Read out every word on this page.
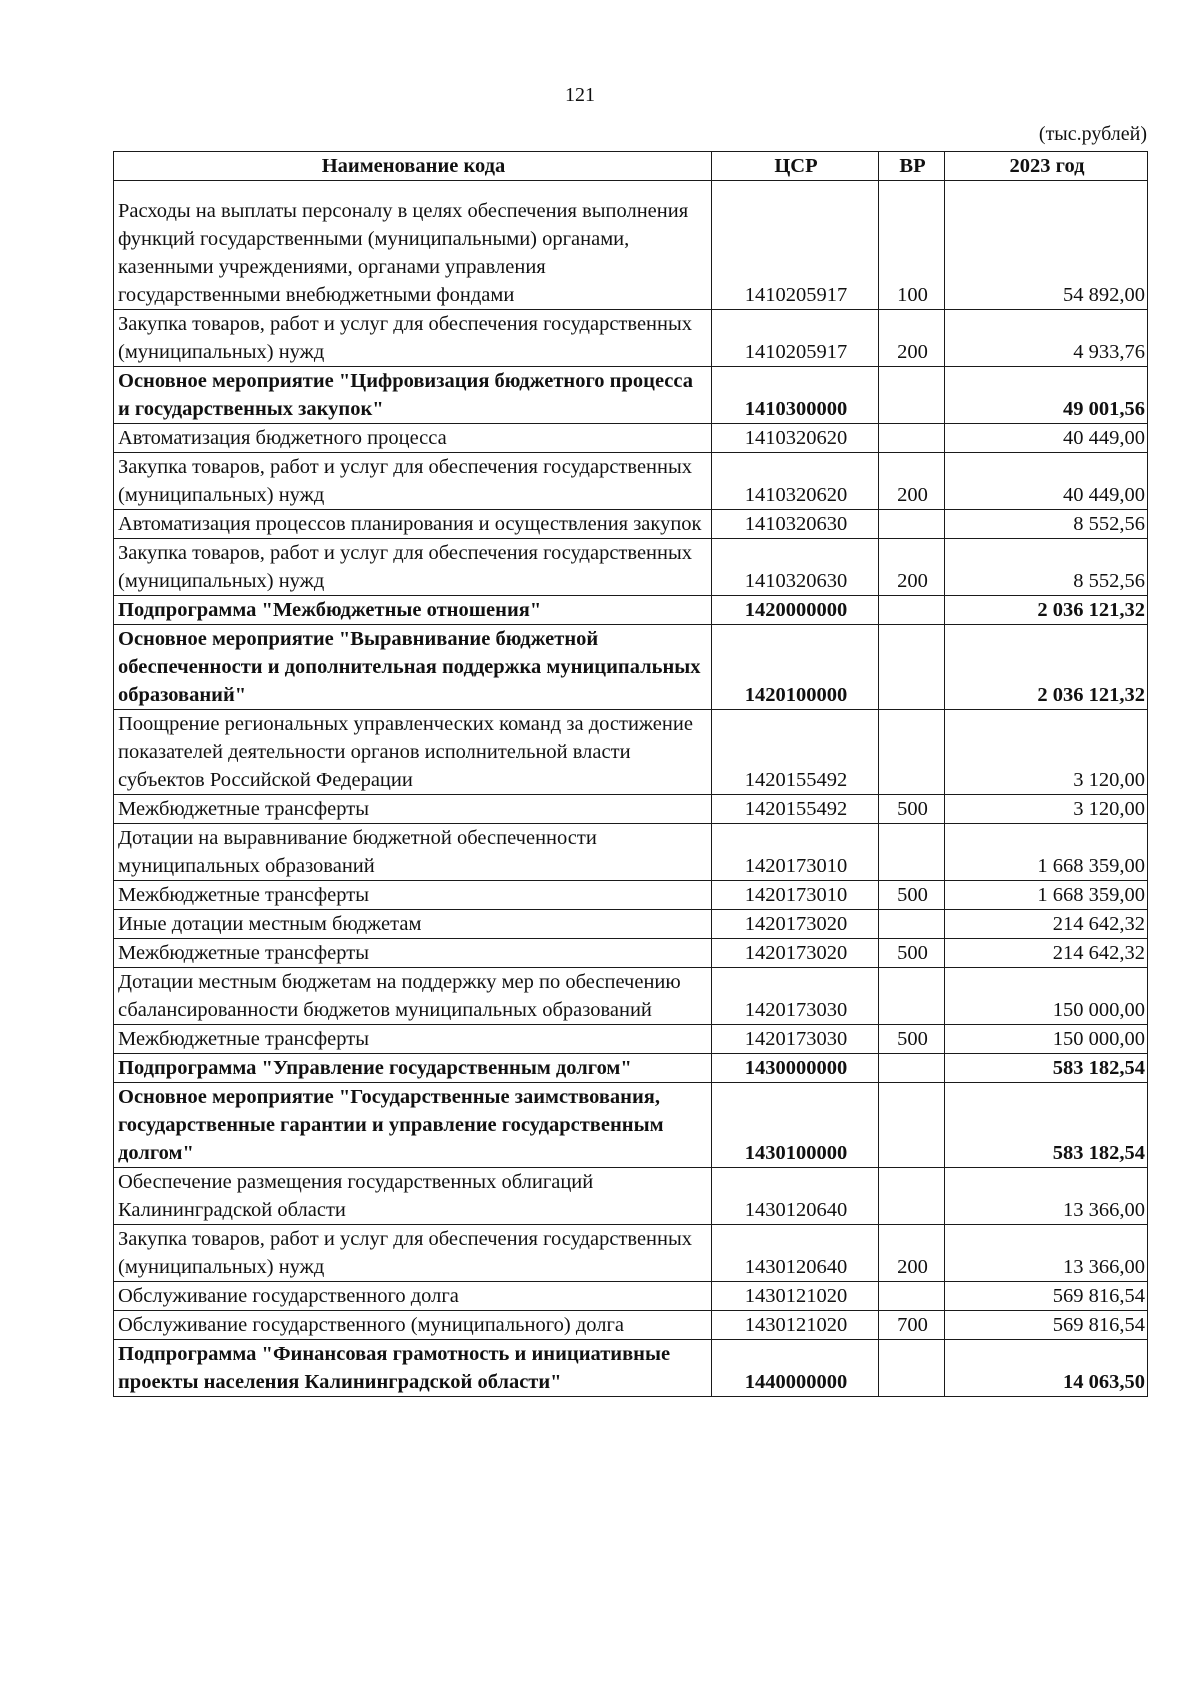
121
(тыс.рублей)
Наименование кода	ЦСР	ВР	2023 год
Расходы на выплаты персоналу в целях обеспечения выполнения функций государственными (муниципальными) органами, казенными учреждениями, органами управления государственными внебюджетными фондами	1410205917	100	54 892,00
Закупка товаров, работ и услуг для обеспечения государственных (муниципальных) нужд	1410205917	200	4 933,76
Основное мероприятие "Цифровизация бюджетного процесса и государственных закупок"	1410300000		49 001,56
Автоматизация бюджетного процесса	1410320620		40 449,00
Закупка товаров, работ и услуг для обеспечения государственных (муниципальных) нужд	1410320620	200	40 449,00
Автоматизация процессов планирования и осуществления закупок	1410320630		8 552,56
Закупка товаров, работ и услуг для обеспечения государственных (муниципальных) нужд	1410320630	200	8 552,56
Подпрограмма "Межбюджетные отношения"	1420000000		2 036 121,32
Основное мероприятие "Выравнивание бюджетной обеспеченности и дополнительная поддержка муниципальных образований"	1420100000		2 036 121,32
Поощрение региональных управленческих команд за достижение показателей деятельности органов исполнительной власти субъектов Российской Федерации	1420155492		3 120,00
Межбюджетные трансферты	1420155492	500	3 120,00
Дотации на выравнивание бюджетной обеспеченности муниципальных образований	1420173010		1 668 359,00
Межбюджетные трансферты	1420173010	500	1 668 359,00
Иные дотации местным бюджетам	1420173020		214 642,32
Межбюджетные трансферты	1420173020	500	214 642,32
Дотации местным бюджетам на поддержку мер по обеспечению сбалансированности бюджетов муниципальных образований	1420173030		150 000,00
Межбюджетные трансферты	1420173030	500	150 000,00
Подпрограмма "Управление государственным долгом"	1430000000		583 182,54
Основное мероприятие "Государственные заимствования, государственные гарантии и управление государственным долгом"	1430100000		583 182,54
Обеспечение размещения государственных облигаций Калининградской области	1430120640		13 366,00
Закупка товаров, работ и услуг для обеспечения государственных (муниципальных) нужд	1430120640	200	13 366,00
Обслуживание государственного долга	1430121020		569 816,54
Обслуживание государственного (муниципального) долга	1430121020	700	569 816,54
Подпрограмма "Финансовая грамотность и инициативные проекты населения Калининградской области"	1440000000		14 063,50
